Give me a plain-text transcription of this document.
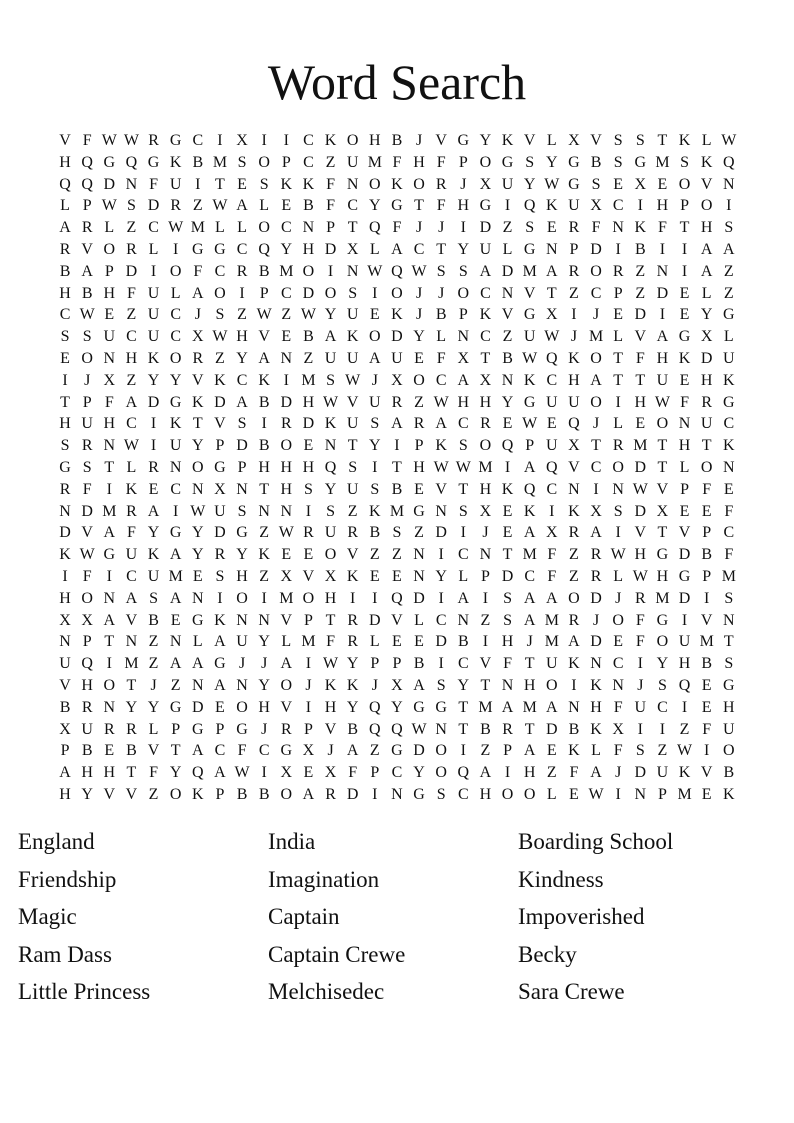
Word Search
V F W W R G C I X I	I C K O H B J V G Y K V L X V S S T K L W
H Q G Q G K B M S O P C Z U M F H F P O G S Y G B S G M S K Q
Q Q D N F U I T E S K K F N O K O R J X U Y W G S E X E O V N
L P W S D R Z W A L E B F C Y G T F H G I Q K U X C I H P O I
A R L Z C W M L L O C N P T Q F J J	I D Z S E R F N K F T H S
R V O R L I G G C Q Y H D X L A C T Y U L G N P D I B I	I A A
B A P D I O F C R B M O I N W Q W S S A D M A R O R Z N I A Z
H B H F U L A O I P C D O S I O J J O C N V T Z C P Z D E L Z
C W E Z U C J S Z W Z W Y U E K J B P K V G X I	J E D I E Y G
S S U C U C X W H V E B A K O D Y L N C Z U W J M L V A G X L
E O N H K O R Z Y A N Z U U A U E F X T B W Q K O T F H K D U
I	J X Z Y Y V K C K I M S W J X O C A X N K C H A T T U E H K
T P F A D G K D A B D H W V U R Z W H H Y G U U O I H W F R G
H U H C I K T V S I R D K U S A R A C R E W E Q J L E O N U C
S R N W I U Y P D B O E N T Y I P K S O Q P U X T R M T H T K
G S T L R N O G P H H H Q S I T H W W M I A Q V C O D T L O N
R F I K E C N X N T H S Y U S B E V T H K Q C N I N W V P F E
N D M R A I W U S N N I S Z K M G N S X E K I K X S D X E E F
D V A F Y G Y D G Z W R U R B S Z D I	J E A X R A I V T V P C
K W G U K A Y R Y K E E O V Z Z N I C N T M F Z R W H G D B F
I F I C U M E S H Z X V X K E E N Y L P D C F Z R L W H G P M
H O N A S A N I O I M O H I	I Q D I A I S A A O D J R M D I S
X X A V B E G K N N V P T R D V L C N Z S A M R J O F G I V N
N P T N Z N L A U Y L M F R L E E D B I H J M A D E F O U M T
U Q I M Z A A G J J A I W Y P P B I C V F T U K N C I Y H B S
V H O T J Z N A N Y O J K K J X A S Y T N H O I K N J S Q E G
B R N Y Y G D E O H V I H Y Q Y G G T M A M A N H F U C I E H
X U R R L P G P G J R P V B Q Q W N T B R T D B K X I	I Z F U
P B E B V T A C F C G X J A Z G D O I Z P A E K L F S Z W I O
A H H T F Y Q A W I X E X F P C Y O Q A I H Z F A J D U K V B
H Y V V Z O K P B B O A R D I N G S C H O O L E W I N P M E K
England
Friendship
Magic
Ram Dass
Little Princess
India
Imagination
Captain
Captain Crewe
Melchisedec
Boarding School
Kindness
Impoverished
Becky
Sara Crewe
